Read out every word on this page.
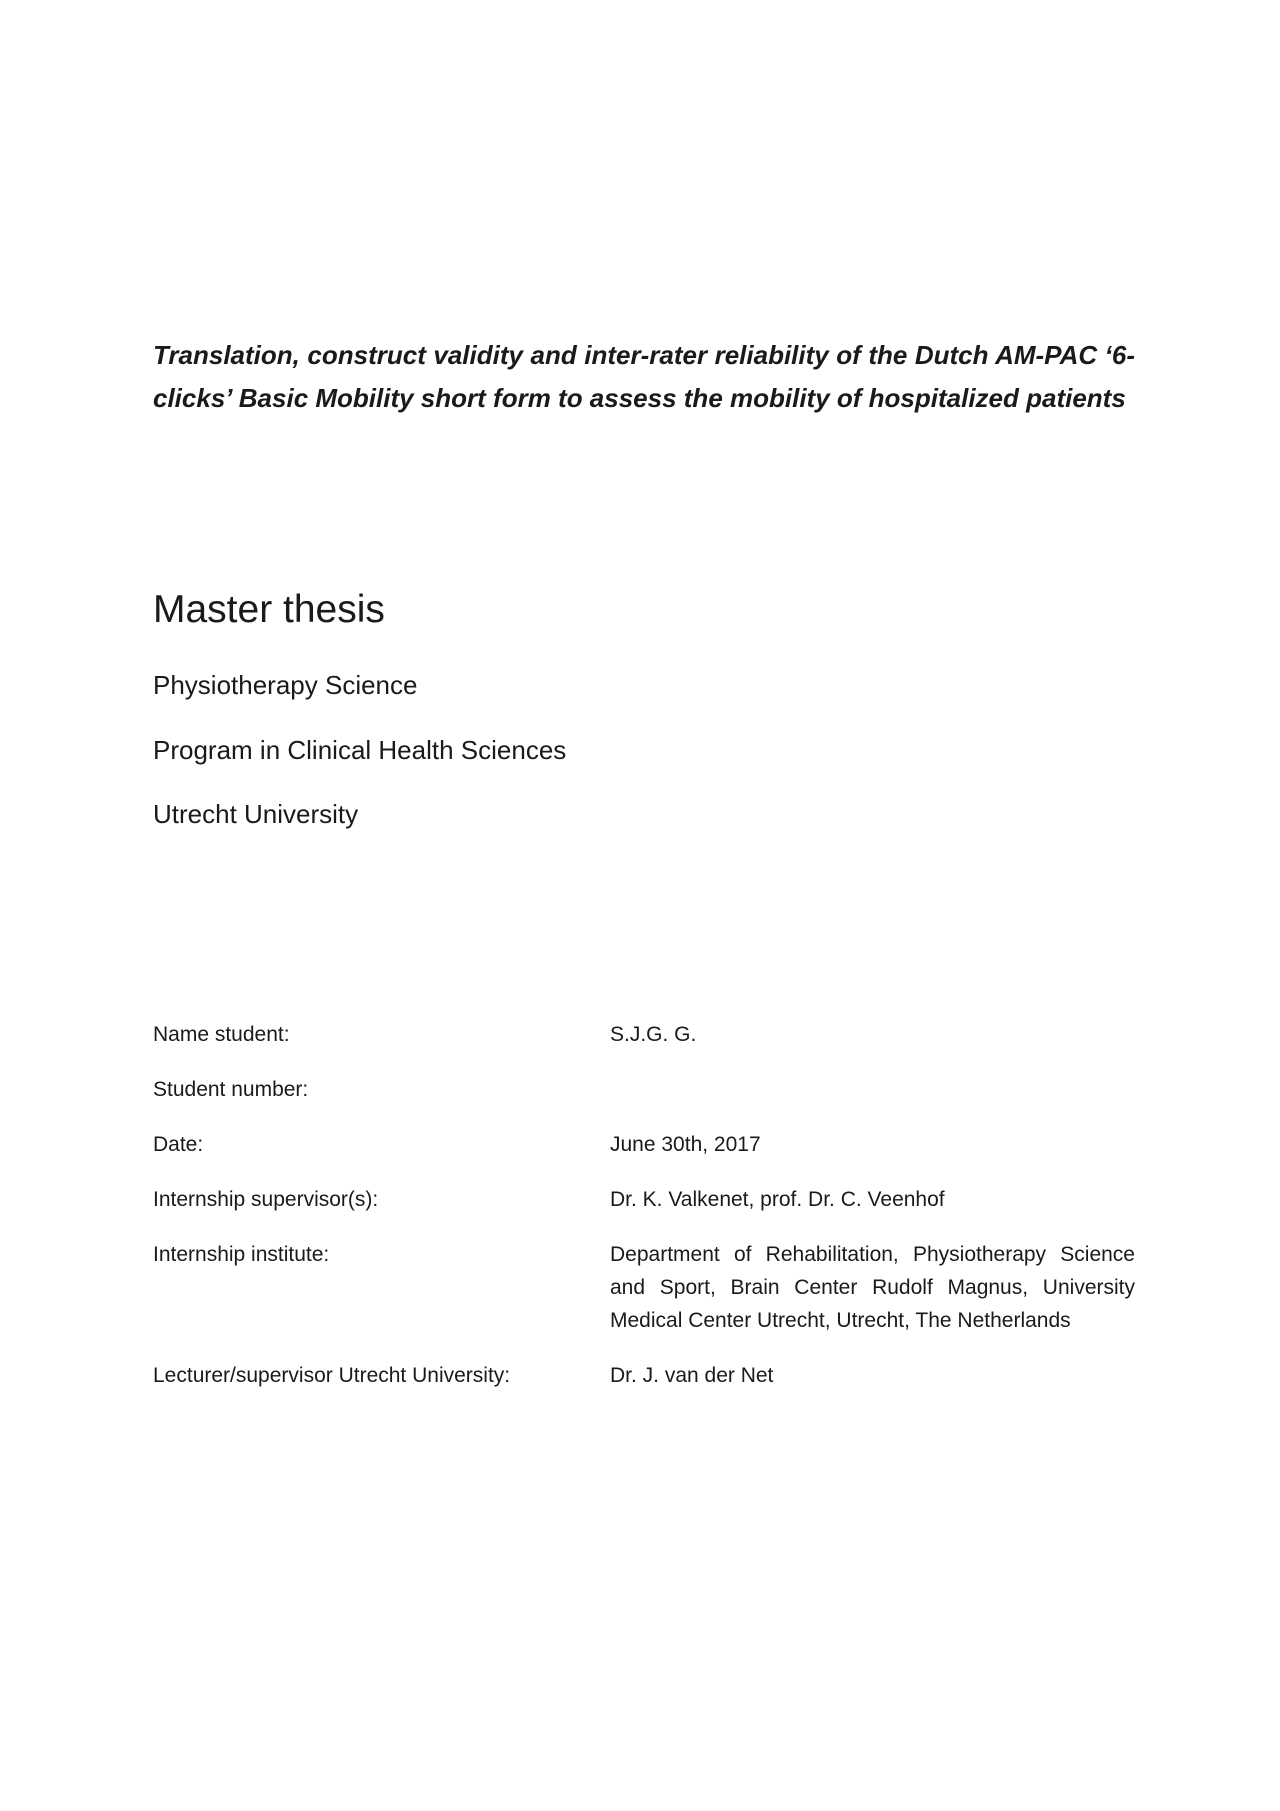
Translation, construct validity and inter-rater reliability of the Dutch AM-PAC ‘6-clicks’ Basic Mobility short form to assess the mobility of hospitalized patients

Master thesis

Physiotherapy Science

Program in Clinical Health Sciences

Utrecht University

Name student:	S.J.G. G.
Student number:
Date:	June 30th, 2017
Internship supervisor(s):	Dr. K. Valkenet, prof. Dr. C. Veenhof
Internship institute:	Department of Rehabilitation, Physiotherapy Science and Sport, Brain Center Rudolf Magnus, University Medical Center Utrecht, Utrecht, The Netherlands
Lecturer/supervisor Utrecht University:	Dr. J. van der Net
